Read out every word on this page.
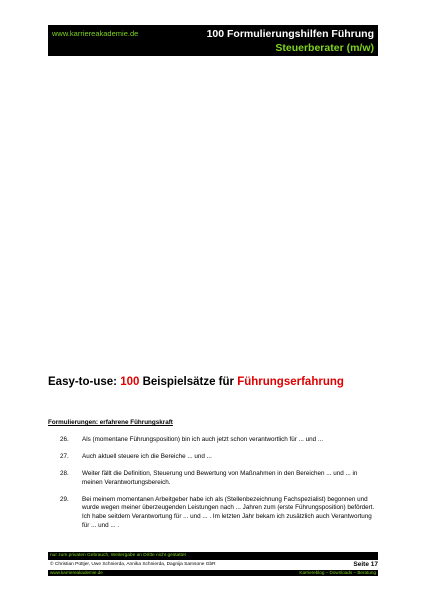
www.karriereakademie.de	100 Formulierungshilfen Führung
Steuerberater (m/w)
Easy-to-use: 100 Beispielsätze für Führungserfahrung
Formulierungen: erfahrene Führungskraft
26.	Als (momentane Führungsposition) bin ich auch jetzt schon verantwortlich für ... und ...
27.	Auch aktuell steuere ich die Bereiche ... und ...
28.	Weiter fällt die Definition, Steuerung und Bewertung von Maßnahmen in den Bereichen ... und ... in meinen Verantwortungsbereich.
29.	Bei meinem momentanen Arbeitgeber habe ich als (Stellenbezeichnung Fachspezialist) begonnen und wurde wegen meiner überzeugenden Leistungen nach ... Jahren zum (erste Führungsposition) befördert. Ich habe seitdem Verantwortung für ... und ... . Im letzten Jahr bekam ich zusätzlich auch Verantwortung für ... und ... .
nur zum privaten Gebrauch, Weitergabe an Dritte nicht gestattet
© Christian Püttjer, Uwe Schnierda, Annika Schnierda, Dagnija Samsone GbR	Seite 17
www.karriereakademie.de	Karriereblog – Downloads – Beratung
